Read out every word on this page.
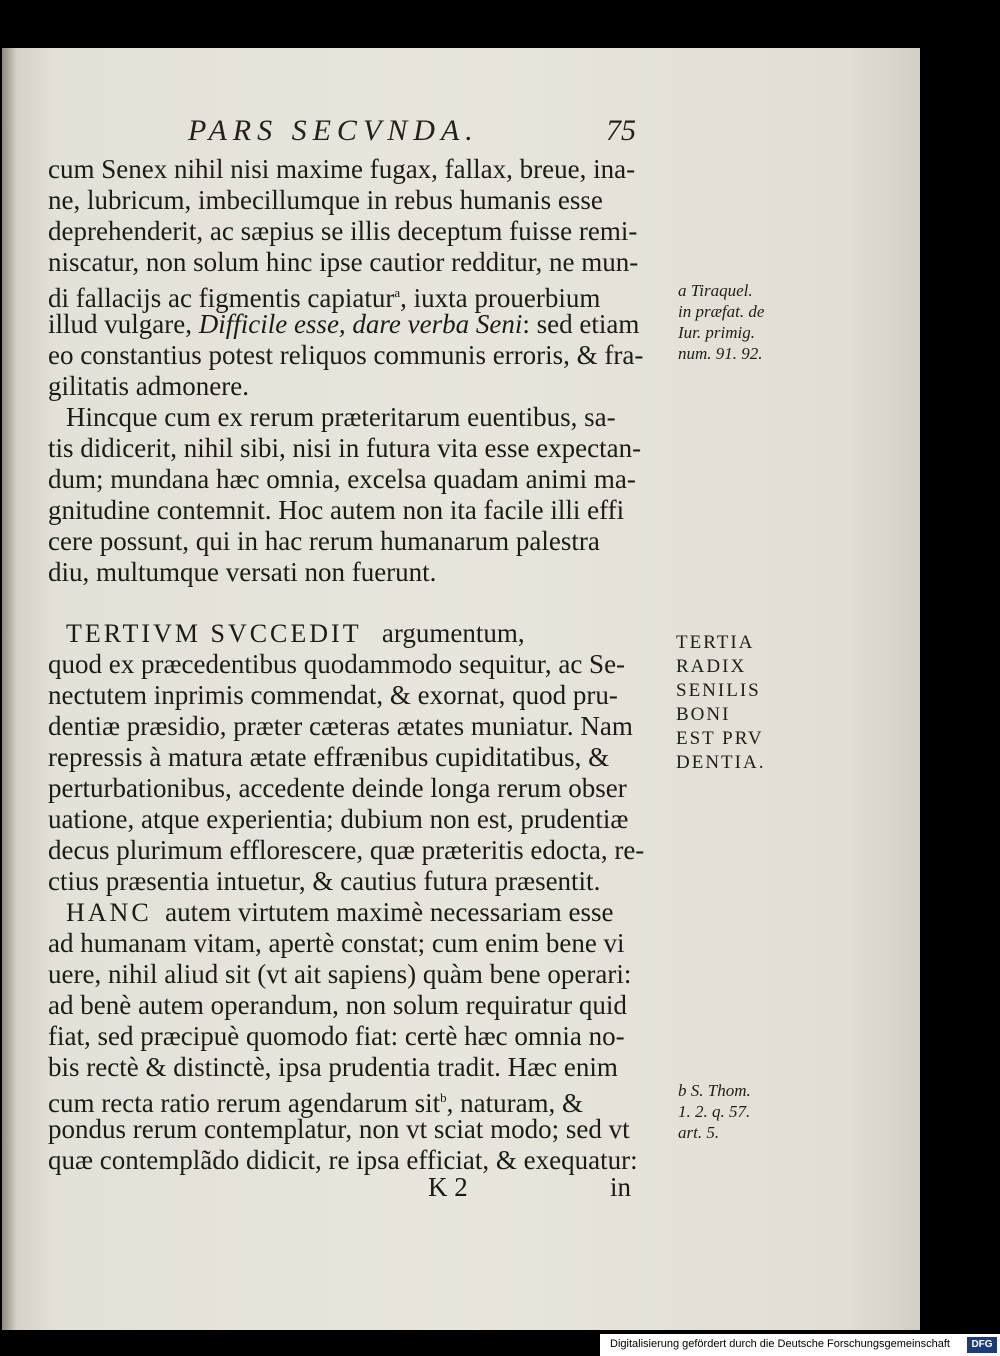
PARS SECVNDA.	75
cum Senex nihil nisi maxime fugax, fallax, breue, ina-
ne, lubricum, imbecillumque in rebus humanis esse
deprehenderit, ac sæpius se illis deceptum fuisse remi-
niscatur, non solum hinc ipse cautior redditur, ne mun-
di fallacijs ac figmentis capiatur$^a$, iuxta prouerbium
illud vulgare, Difficile esse, dare verba Seni: sed etiam
eo constantius potest reliquos communis erroris, & fra-
gilitatis admonere.
Hincque cum ex rerum præteritarum euentibus, sa-
tis didicerit, nihil sibi, nisi in futura vita esse expectan-
dum; mundana hæc omnia, excelsa quadam animi ma-
gnitudine contemnit. Hoc autem non ita facile illi effi
cere possunt, qui in hac rerum humanarum palestra
diu, multumque versati non fuerunt.
TERTIVM SVCCEDIT argumentum,
quod ex præcedentibus quodammodo sequitur, ac Se-
nectutem inprimis commendat, & exornat, quod pru-
dentiæ præsidio, præter cæteras ætates muniatur. Nam
repressis à matura ætate effrænibus cupiditatibus, &
perturbationibus, accedente deinde longa rerum obser
uatione, atque experientia; dubium non est, prudentiæ
decus plurimum efflorescere, quæ præteritis edocta, re-
ctius præsentia intuetur, & cautius futura præsentit.
HANC autem virtutem maximè necessariam esse
ad humanam vitam, apertè constat; cum enim bene vi
uere, nihil aliud sit (vt ait sapiens) quàm bene operari:
ad benè autem operandum, non solum requiratur quid
fiat, sed præcipuè quomodo fiat: certè hæc omnia no-
bis rectè & distinctè, ipsa prudentia tradit. Hæc enim
cum recta ratio rerum agendarum sit$^b$, naturam, &
pondus rerum contemplatur, non vt sciat modo; sed vt
quæ contemplãdo didicit, re ipsa efficiat, & exequatur:
K 2	in
a Tiraquel.
in præfat. de
Iur. primig.
num. 91. 92.
TERTIA
RADIX
SENILIS
BONI
EST PRV
DENTIA.
b S. Thom.
1. 2. q. 57.
art. 5.
Digitalisierung gefördert durch die Deutsche Forschungsgemeinschaft	DFG
